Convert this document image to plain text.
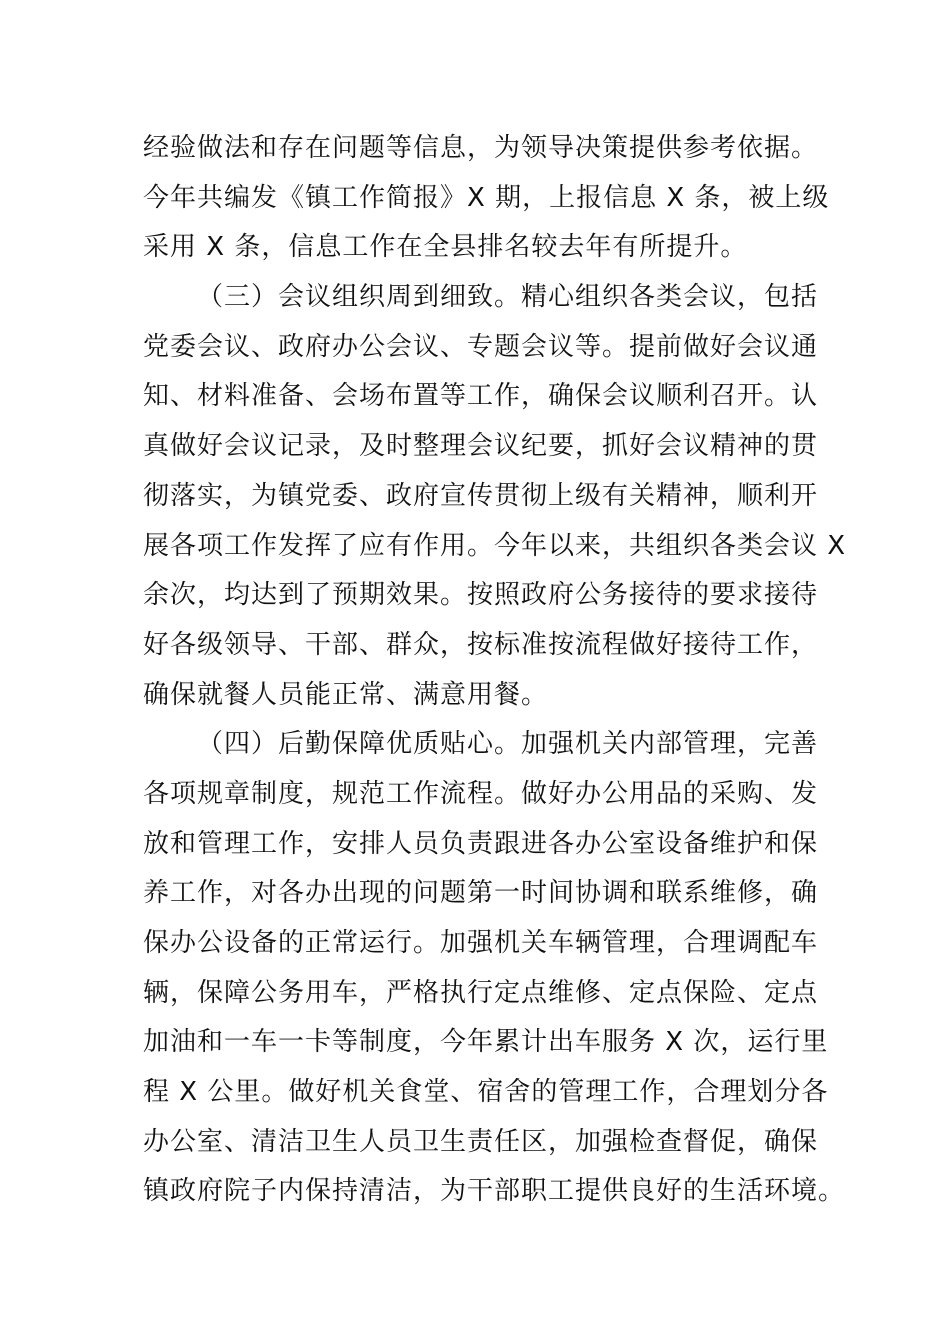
经验做法和存在问题等信息，为领导决策提供参考依据。
今年共编发《镇工作简报》X 期，上报信息 X 条，被上级
采用 X 条，信息工作在全县排名较去年有所提升。
（三）会议组织周到细致。精心组织各类会议，包括
党委会议、政府办公会议、专题会议等。提前做好会议通
知、材料准备、会场布置等工作，确保会议顺利召开。认
真做好会议记录，及时整理会议纪要，抓好会议精神的贯
彻落实，为镇党委、政府宣传贯彻上级有关精神，顺利开
展各项工作发挥了应有作用。今年以来，共组织各类会议 X
余次，均达到了预期效果。按照政府公务接待的要求接待
好各级领导、干部、群众，按标准按流程做好接待工作，
确保就餐人员能正常、满意用餐。
（四）后勤保障优质贴心。加强机关内部管理，完善
各项规章制度，规范工作流程。做好办公用品的采购、发
放和管理工作，安排人员负责跟进各办公室设备维护和保
养工作，对各办出现的问题第一时间协调和联系维修，确
保办公设备的正常运行。加强机关车辆管理，合理调配车
辆，保障公务用车，严格执行定点维修、定点保险、定点
加油和一车一卡等制度，今年累计出车服务 X 次，运行里
程 X 公里。做好机关食堂、宿舍的管理工作，合理划分各
办公室、清洁卫生人员卫生责任区，加强检查督促，确保
镇政府院子内保持清洁，为干部职工提供良好的生活环境。
